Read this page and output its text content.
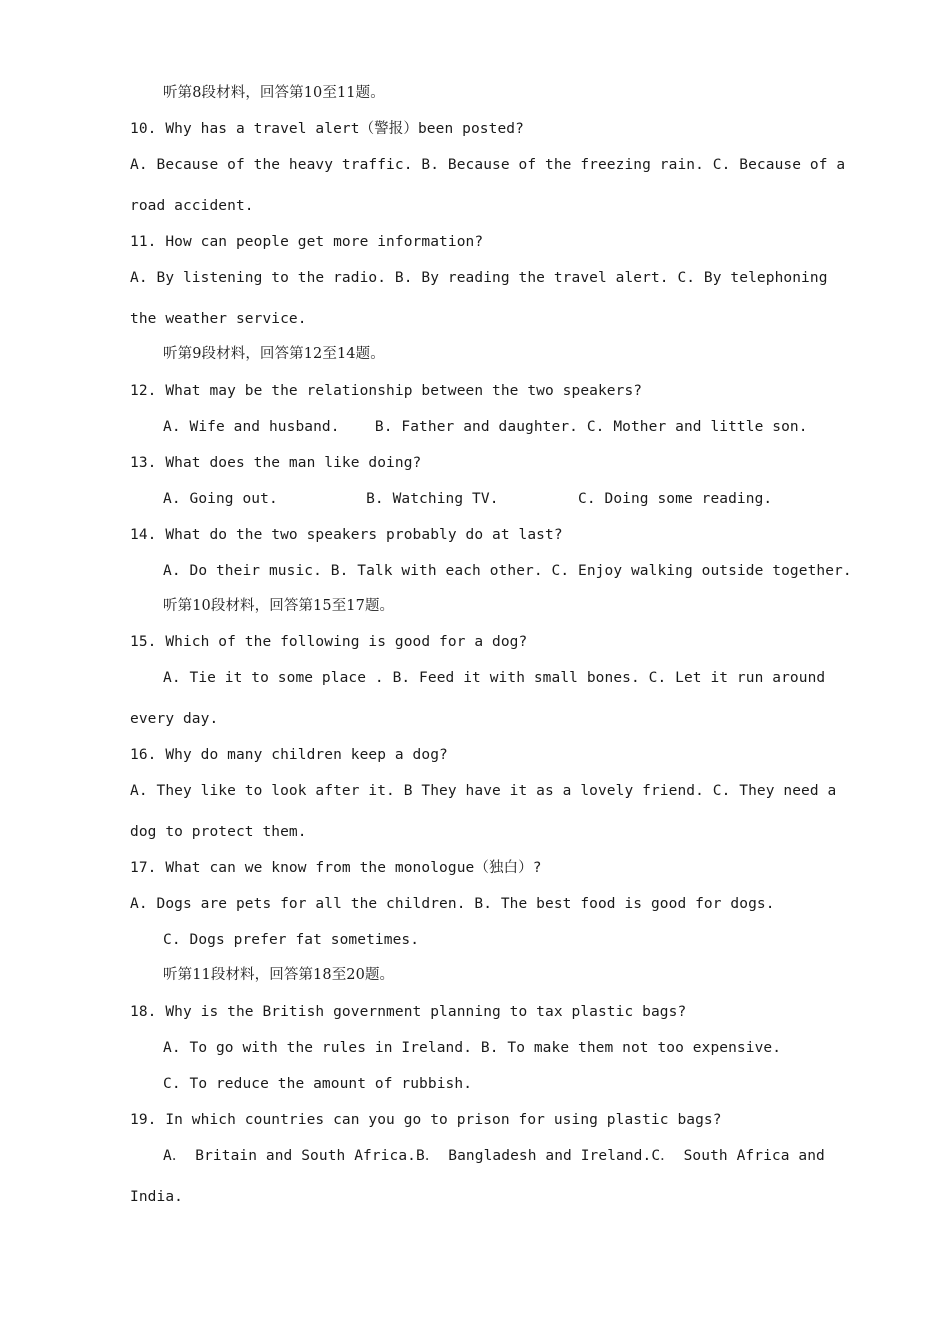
听第8段材料，回答第10至11题。
10. Why has a travel alert（警报）been posted?
A. Because of the heavy traffic. B. Because of the freezing rain. C. Because of a
road accident.
11. How can people get more information?
A. By listening to the radio. B. By reading the travel alert. C. By telephoning
the weather service.
听第9段材料，回答第12至14题。
12. What may be the relationship between the two speakers?
A. Wife and husband.    B. Father and daughter. C. Mother and little son.
13. What does the man like doing?
A. Going out.          B. Watching TV.         C. Doing some reading.
14. What do the two speakers probably do at last?
A. Do their music. B. Talk with each other. C. Enjoy walking outside together.
听第10段材料，回答第15至17题。
15. Which of the following is good for a dog?
A. Tie it to some place . B. Feed it with small bones. C. Let it run around
every day.
16. Why do many children keep a dog?
A. They like to look after it. B They have it as a lovely friend. C. They need a
dog to protect them.
17. What can we know from the monologue（独白）?
A. Dogs are pets for all the children. B. The best food is good for dogs.
C. Dogs prefer fat sometimes.
听第11段材料，回答第18至20题。
18. Why is the British government planning to tax plastic bags?
A. To go with the rules in Ireland. B. To make them not too expensive.
C. To reduce the amount of rubbish.
19. In which countries can you go to prison for using plastic bags?
A． Britain and South Africa.B． Bangladesh and Ireland.C． South Africa and
India.
